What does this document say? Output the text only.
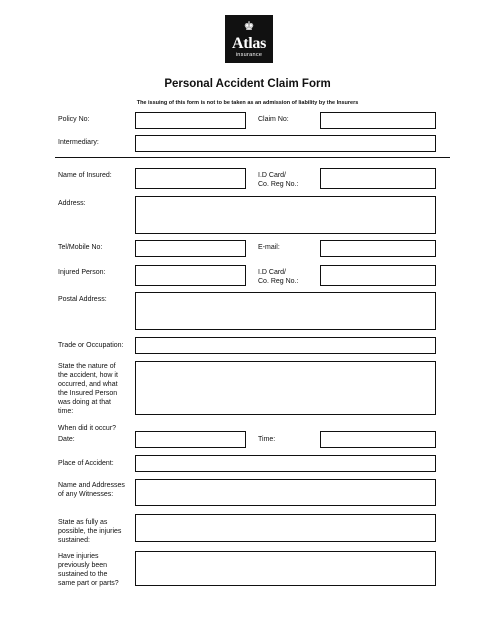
♚
Atlas
insurance
Personal Accident Claim Form
The issuing of this form is not to be taken as an admission of liability by the Insurers
Policy No:	Claim No:
Intermediary:
Name of Insured:	I.D Card/
Co. Reg No.:
Address:
Tel/Mobile No:	E-mail:
Injured Person:	I.D Card/
Co. Reg No.:
Postal Address:
Trade or Occupation:
State the nature of
the accident, how it
occurred, and what
the Insured Person
was doing at that
time:
When did it occur?
Date:	Time:
Place of Accident:
Name and Addresses
of any Witnesses:
State as fully as
possible, the injuries
sustained:
Have injuries
previously been
sustained to the
same part or parts?
